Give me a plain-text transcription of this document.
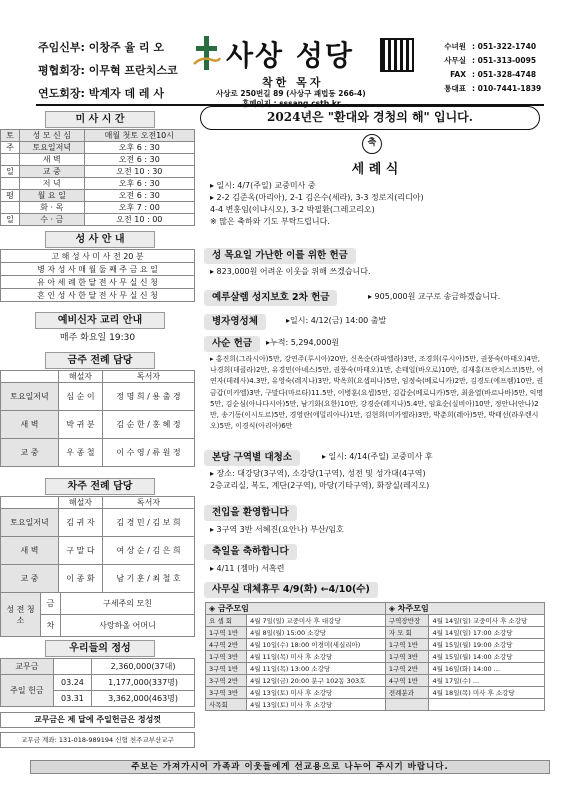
주임신부: 이창주 율 리 오
평협회장: 이무혁 프란치스코
연도회장: 박계자 데 레 사
사상 성당
착한 목자
사상로 250번길 89 (사상구 괘법동 266-4)
홈페이지 : sssang.cstb.kr
수녀원 : 051-322-1740
사무실 : 051-313-0095
FAX : 051-328-4748
통대표 : 010-7441-1839
미 사 시 간
토	성 모 신 심	매월 첫토 오전10시
주	토요일저녁	오후 6 : 30
	새 벽	오전 6 : 30
일	교 중	오전 10 : 30
	저 녁	오후 6 : 30
평	월 요 일	오전 6 : 30
	화 · 목	오후 7 : 00
일	수 · 금	오전 10 : 00
성 사 안 내
고 해 성 사 미 사 전 20 분
병 자 성 사 매 월 둘 째 주 금 요 일
유 아 세 례 한 달 전 사 무 실 신 청
혼 인 성 사 한 달 전 사 무 실 신 청
예비신자 교리 안내
매주 화요일 19:30
금주 전례 담당
	해설자	독서자
토요일저녁	심 순 이	정 명 희 / 용 출 경
새 벽	박 귀 분	김 순 한 / 홍 혜 정
교 중	우 종 철	이 수 영 / 류 원 정
차주 전례 담당
	해설자	독서자
토요일저녁	김 귀 자	김 경 민 / 김 보 희
새 벽	구 말 다	여 상 순 / 김 은 희
교 중	이 종 화	남 기 훈 / 최 철 호
성 전 청 소	금	구세주의 모친
	차	사랑하올 어머니
우리들의 정성
교무금		2,360,000(37대)
주일 헌금	03.24	1,177,000(337명)
	03.31	3,362,000(463명)
교무금은 제 달에 주일헌금은 정성껏
교무금 계좌: 131-018-989194 신협 천주교부산교구
2024년은 "환대와 경청의 해" 입니다.
축
세 례 식
▸ 일시: 4/7(주일) 교중미사 중
▸ 2-2 김준옥(마리아), 2-1 김은수(세라), 3-3 정로지(리디아)
4-4 변홍임(이냐시오), 3-2 박필환(그레고리오)
※ 많은 축하와 기도 부탁드립니다.
성 목요일 가난한 이를 위한 헌금
▸ 823,000원 어려운 이웃을 위해 쓰겠습니다.
예루살렘 성지보호 2차 헌금	▸ 905,000원 교구로 송금하겠습니다.
병자영성체	▸일시: 4/12(금) 14:00 출발
사순 헌금	▸누적: 5,294,000원
▸ 홍진희(그라시아)5만, 강연주(루시아)20만, 신옥순(라파엘라)3만, 조경희(루시아)5만, 권풍숙(마태오)4만, 나경희(데클라)2만, 유경민(아녜스)5만, 권풍숙(마태오)1만, 손태일(바오로)10만, 김재홍(프란치스코)5만, 여연자(데레사)4.3만, 유영숙(레지나)3만, 박옥희(요셉피나)5만, 임정숙(베로니카)2만, 김경도(에프렘)10만, 권금갑(미카엘)3만, 구말다(마르타)11.5만, 이병훈(요셉)5만, 김갑순(베로니카)5만, 최윤열(바르나바)5만, 익명5만, 김순심(아나다시아)5만, 남기화(요한)10만, 강경순(레지나)5.4만, 임효순(실비아)10만, 정안나(안나)2만, 송기동(이시도르)5만, 경영란(에밀리아나)1만, 김현희(미카엘라)3만, 박춘희(레아)5만, 박태선(라우렌시오)5만, 이경식(아리아)6만
본당 구역별 대청소	▸ 일시: 4/14(주일) 교중미사 후
▸ 장소: 대강당(3구역), 소강당(1구역), 성전 및 성가대(4구역)
2층교리실, 복도, 계단(2구역), 마당(기타구역), 화장실(레지오)
전입을 환영합니다
▸ 3구역 3반 서혜진(요안나) 부산/임호
축일을 축하합니다
▸ 4/11 (젬마) 서혹련
사무실 대체휴무 4/9(화) ←4/10(수)
◈ 금주모임		◈ 차주모임	
요 셉 회	4월 7일(일) 교중미사 후 대강당	구역장반장	4월 14일(일) 교중미사 후 소강당
1구역 1반	4월 8일(월) 15:00 소강당	자 모 회	4월 14일(일) 17:00 소강당
4구역 2반	4월 10일(수) 18:00 이경미(세실리아)	1구역 1반	4월 15일(월) 19:00 소강당
1구역 3반	4월 11일(목) 미사 후 소강당	1구역 3반	4월 15일(월) 14:00 소강당
3구역 1반	4월 11일(목) 13:00 소강당	1구역 2반	4월 16일(화) 14:00 ...
3구역 2반	4월 12일(금) 20:00 분구 102동 303호	4구역 1반	4월 17일(수) ...
3구역 3반	4월 13일(토) 미사 후 소강당	전례분과	4월 18일(목) 미사 후 소강당
사목회	4월 13일(토) 미사 후 소강당		
주보는 가져가시어 가족과 이웃들에게 선교용으로 나누어 주시기 바랍니다.
